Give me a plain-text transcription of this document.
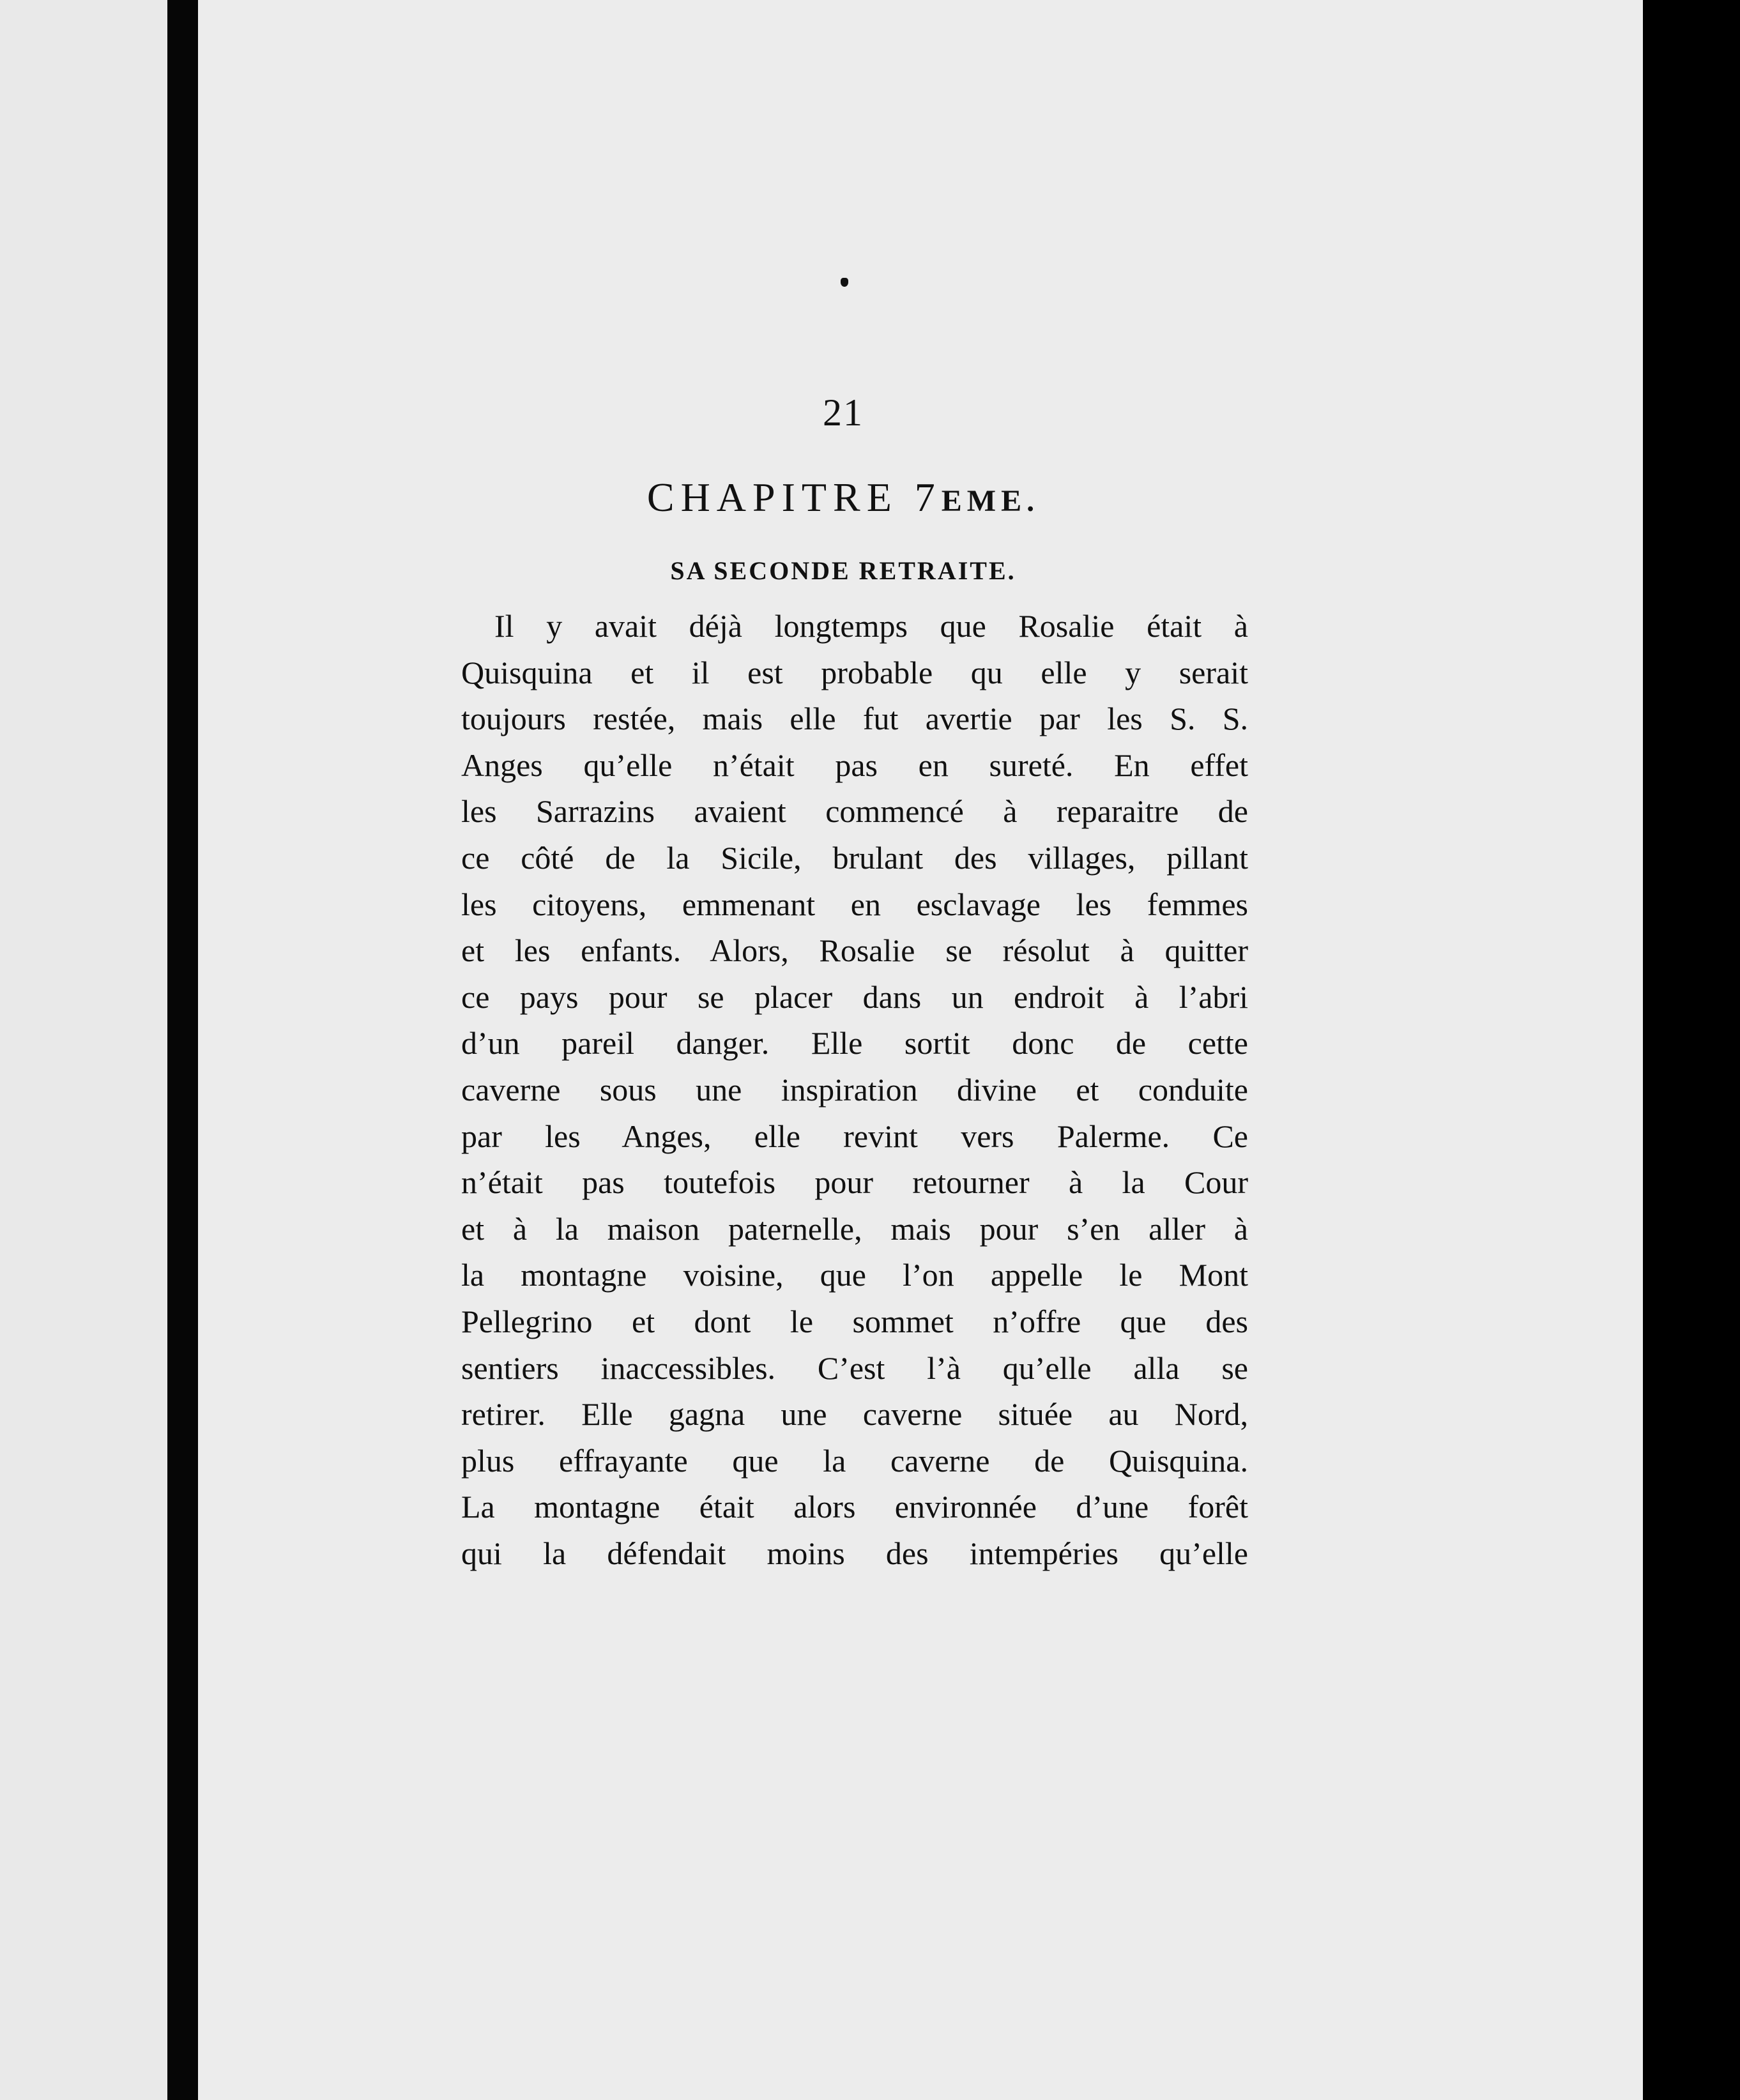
21
CHAPITRE 7EME.
SA SECONDE RETRAITE.
Il y avait déjà longtemps que Rosalie était à
Quisquina et il est probable qu elle y serait
toujours restée, mais elle fut avertie par les S. S.
Anges qu’elle n’était pas en sureté. En effet
les Sarrazins avaient commencé à reparaitre de
ce côté de la Sicile, brulant des villages, pillant
les citoyens, emmenant en esclavage les femmes
et les enfants. Alors, Rosalie se résolut à quitter
ce pays pour se placer dans un endroit à l’abri
d’un pareil danger. Elle sortit donc de cette
caverne sous une inspiration divine et conduite
par les Anges, elle revint vers Palerme. Ce
n’était pas toutefois pour retourner à la Cour
et à la maison paternelle, mais pour s’en aller à
la montagne voisine, que l’on appelle le Mont
Pellegrino et dont le sommet n’offre que des
sentiers inaccessibles. C’est l’à qu’elle alla se
retirer. Elle gagna une caverne située au Nord,
plus effrayante que la caverne de Quisquina.
La montagne était alors environnée d’une forêt
qui la défendait moins des intempéries qu’elle
